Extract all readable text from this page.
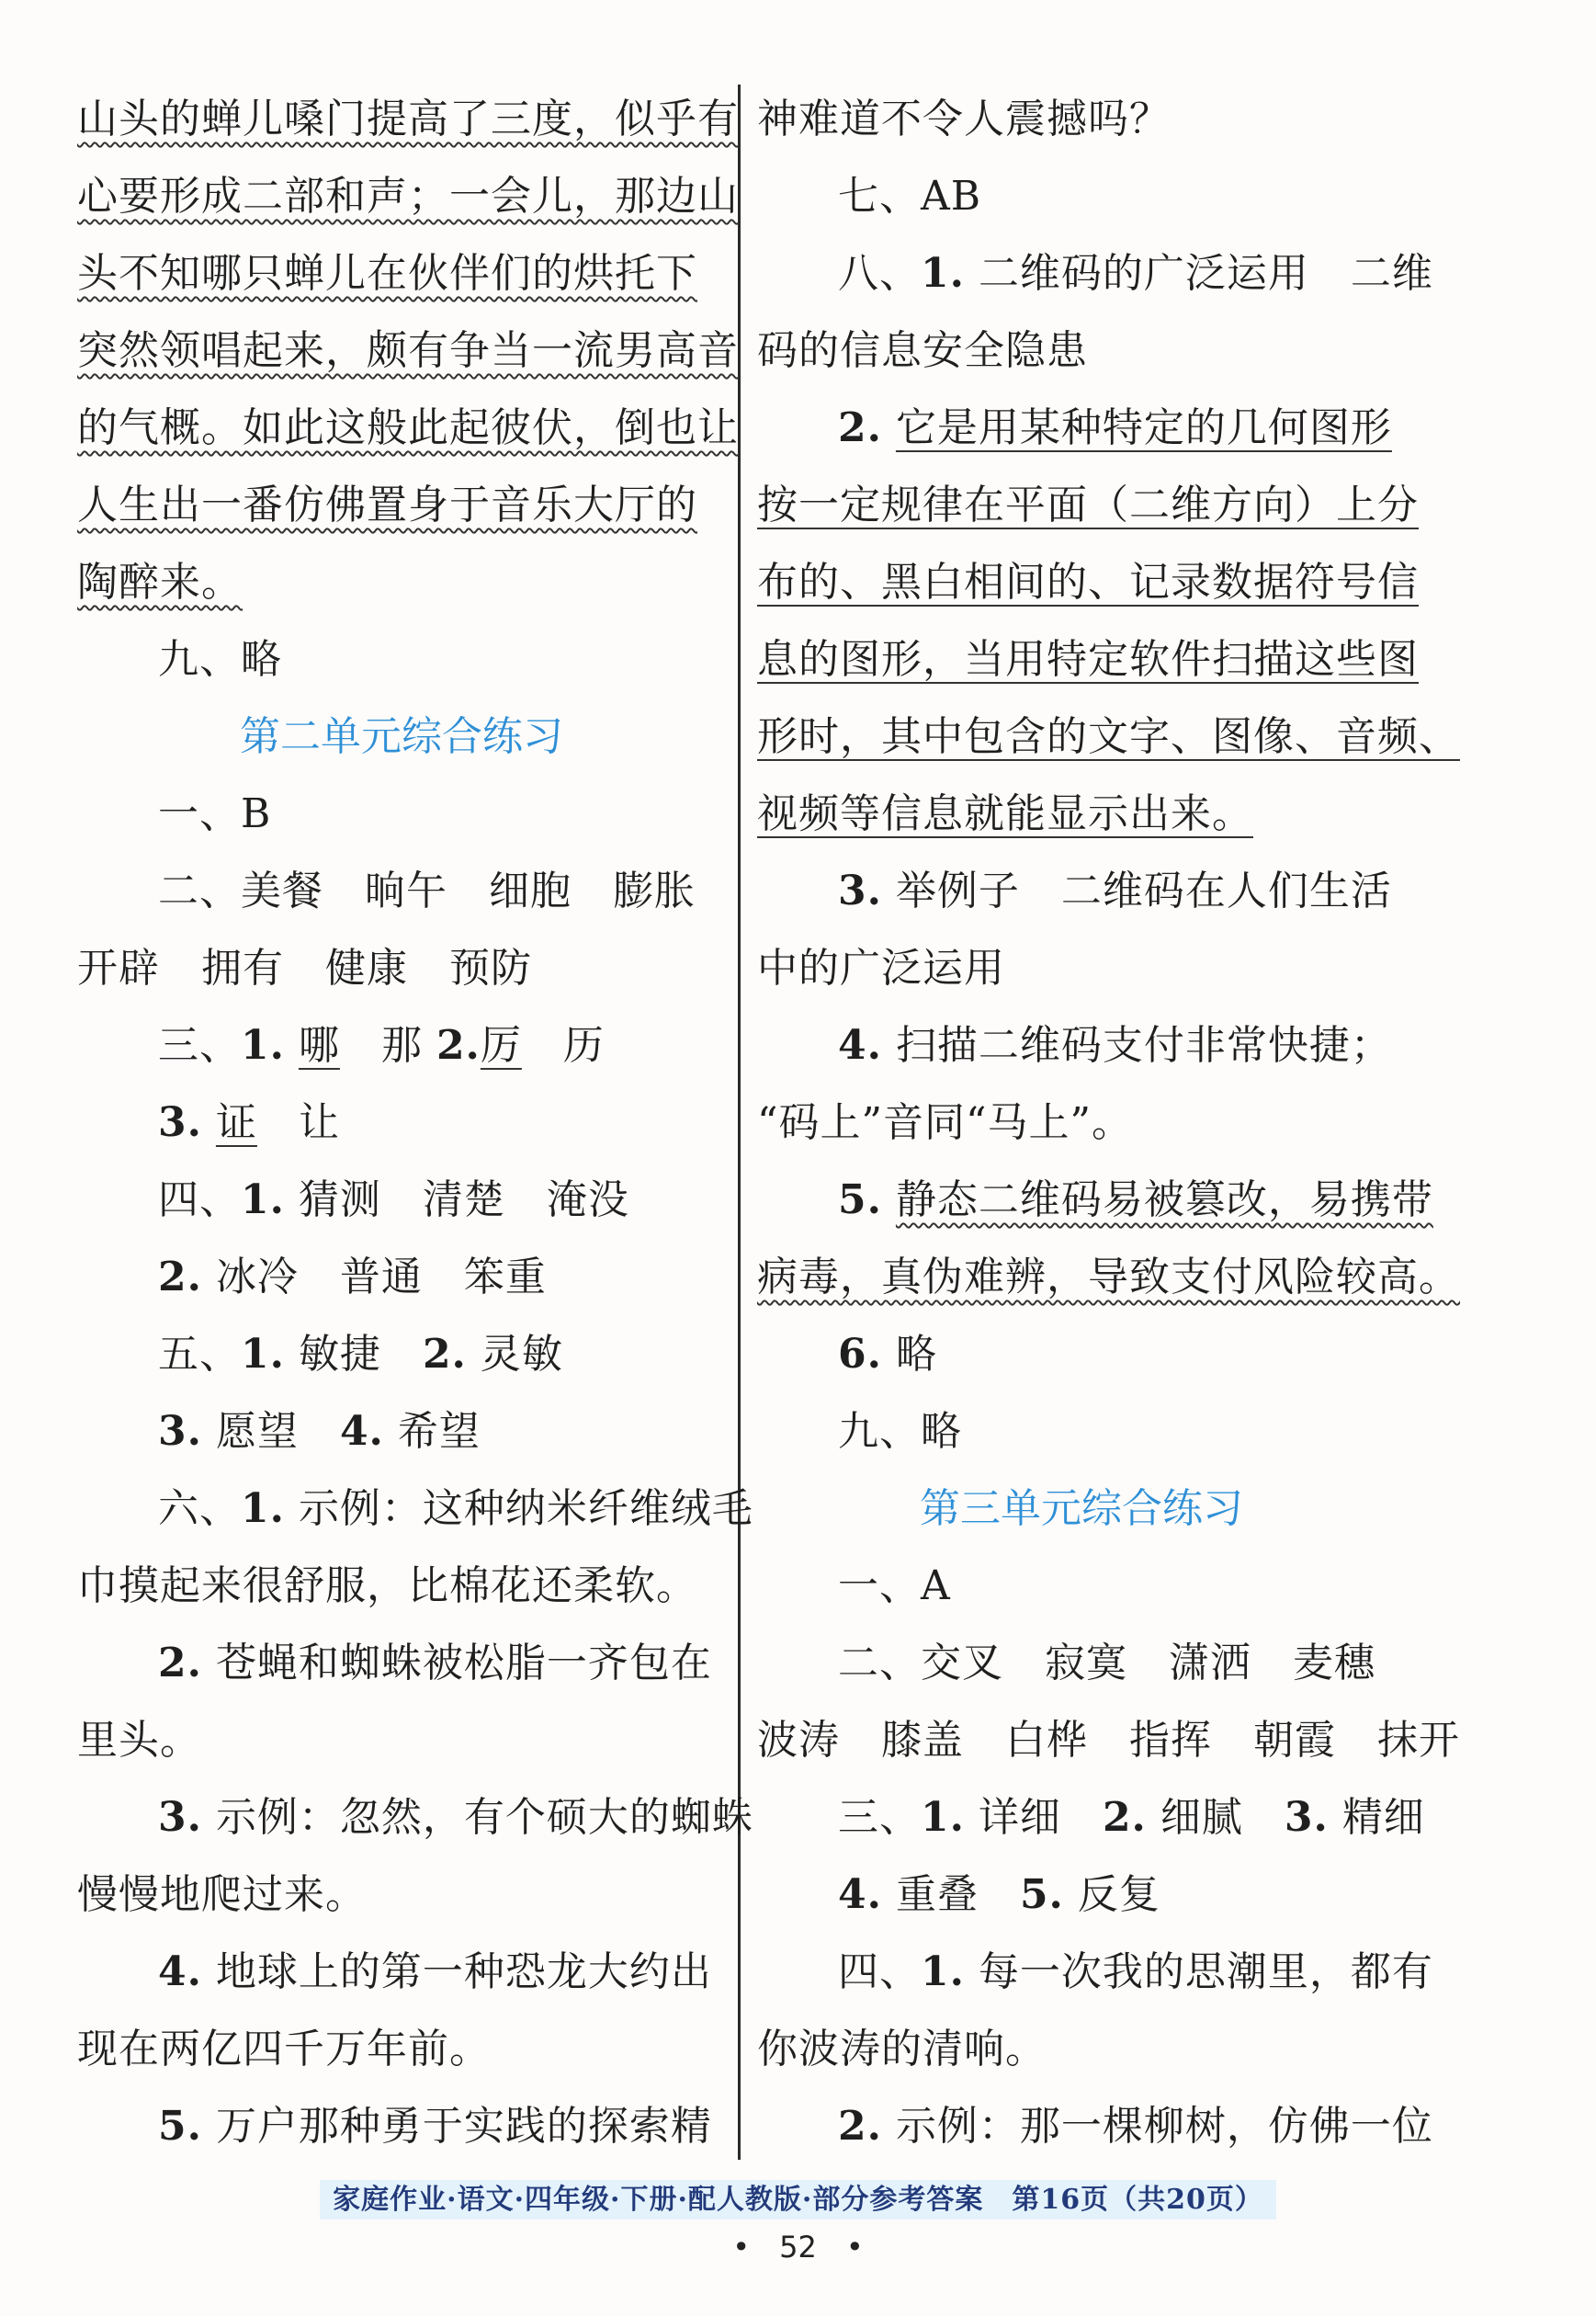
山头的蝉儿嗓门提高了三度，似乎有
心要形成二部和声；一会儿，那边山
头不知哪只蝉儿在伙伴们的烘托下
突然领唱起来，颇有争当一流男高音
的气概。如此这般此起彼伏，倒也让
人生出一番仿佛置身于音乐大厅的
陶醉来。
九、略
第二单元综合练习
一、B
二、美餐　晌午　细胞　膨胀
开辟　拥有　健康　预防
三、1. 哪　 那 2.厉　 历
3. 证　 让
四、1. 猜测　清楚　淹没
2. 冰冷　普通　笨重
五、1. 敏捷　 2. 灵敏
3. 愿望　 4. 希望
六、1. 示例：这种纳米纤维绒毛
巾摸起来很舒服，比棉花还柔软。
2. 苍蝇和蜘蛛被松脂一齐包在
里头。
3. 示例：忽然，有个硕大的蜘蛛
慢慢地爬过来。
4. 地球上的第一种恐龙大约出
现在两亿四千万年前。
5. 万户那种勇于实践的探索精
神难道不令人震撼吗？
七、AB
八、1. 二维码的广泛运用　二维
码的信息安全隐患
2. 它是用某种特定的几何图形
按一定规律在平面（二维方向）上分
布的、黑白相间的、记录数据符号信
息的图形，当用特定软件扫描这些图
形时，其中包含的文字、图像、音频、
视频等信息就能显示出来。
3. 举例子　二维码在人们生活
中的广泛运用
4. 扫描二维码支付非常快捷；
“码上”音同“马上”。
5. 静态二维码易被篡改，易携带
病毒，真伪难辨，导致支付风险较高。
6. 略
九、略
第三单元综合练习
一、A
二、交叉　寂寞　潇洒　麦穗
波涛　膝盖　白桦　指挥　朝霞　抹开
三、1. 详细　 2. 细腻　 3. 精细
4. 重叠　 5. 反复
四、1. 每一次我的思潮里，都有
你波涛的清响。
2. 示例：那一棵柳树，仿佛一位
家庭作业·语文·四年级·下册·配人教版·部分参考答案　第16页（共20页）
•　52　•
